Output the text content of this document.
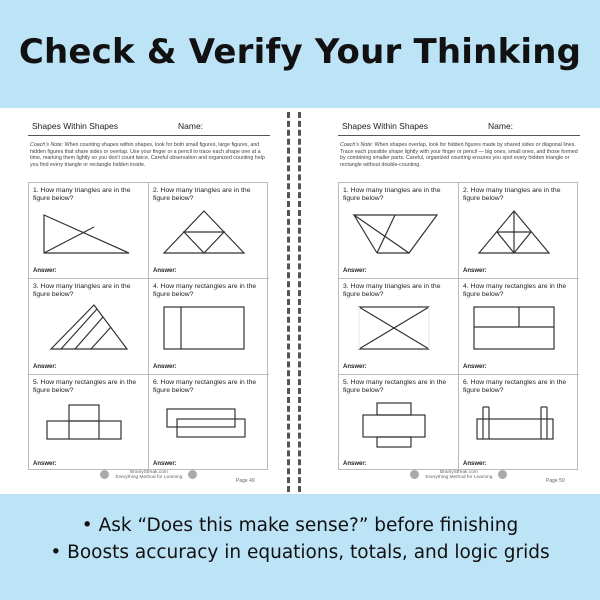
Check & Verify Your Thinking
Shapes Within Shapes	Name:
Coach's Note: When counting shapes within shapes, look for both small figures, large figures, and hidden figures that share sides or overlap. Use your finger or a pencil to trace each shape one at a time, marking them lightly so you don't count twice. Careful observation and organized counting help you find every triangle or rectangle hidden inside.
1. How many triangles are in the figure below?
Answer:
2. How many triangles are in the figure below?
Answer:
3. How many triangles are in the figure below?
Answer:
4. How many rectangles are in the figure below?
Answer:
5. How many rectangles are in the figure below?
Answer:
6. How many rectangles are in the figure below?
Answer:
BrainyStreak.com
Everything Method for Learning
Page 49
Shapes Within Shapes	Name:
Coach's Note: When shapes overlap, look for hidden figures made by shared sides or diagonal lines. Trace each possible shape lightly with your finger or pencil — big ones, small ones, and those formed by combining smaller parts. Careful, organized counting ensures you spot every hidden triangle or rectangle without double-counting.
1. How many triangles are in the figure below?
Answer:
2. How many triangles are in the figure below?
Answer:
3. How many triangles are in the figure below?
Answer:
4. How many rectangles are in the figure below?
Answer:
5. How many rectangles are in the figure below?
Answer:
6. How many rectangles are in the figure below?
Answer:
BrainyStreak.com
Everything Method for Learning
Page 50
• Ask “Does this make sense?” before finishing
• Boosts accuracy in equations, totals, and logic grids
